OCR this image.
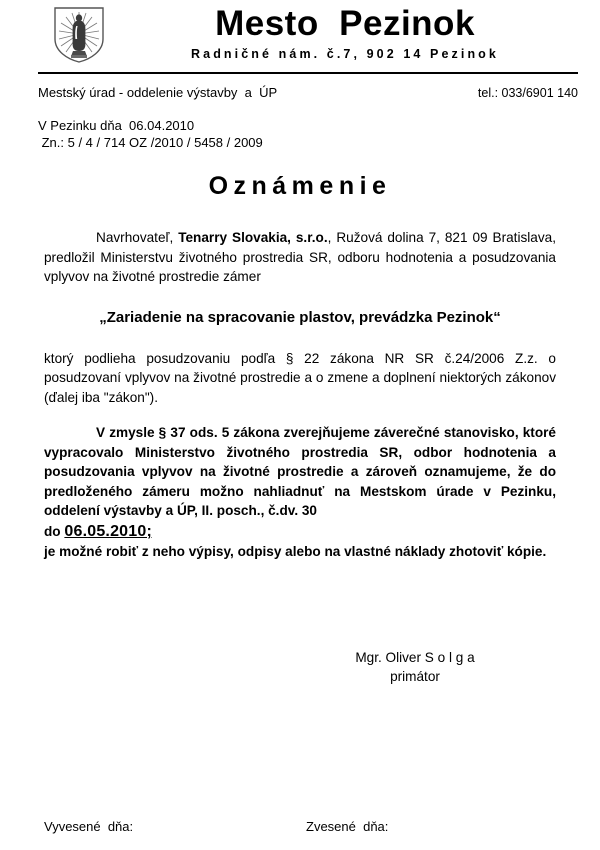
Mesto  Pezinok
Radničné nám. č.7, 902 14 Pezinok
Mestský úrad - oddelenie výstavby  a  ÚP	tel.: 033/6901 140
V Pezinku dňa  06.04.2010
Zn.: 5 / 4 / 714 OZ /2010 / 5458 / 2009
Oznámenie

Navrhovateľ, Tenarry Slovakia, s.r.o., Ružová dolina 7, 821 09 Bratislava, predložil Ministerstvu životného prostredia SR, odboru hodnotenia a posudzovania vplyvov na životné prostredie zámer

„Zariadenie na spracovanie plastov, prevádzka Pezinok“

ktorý podlieha posudzovaniu podľa § 22 zákona NR SR č.24/2006 Z.z. o posudzovaní vplyvov na životné prostredie a o zmene a doplnení niektorých zákonov (ďalej iba "zákon").

V zmysle § 37 ods. 5 zákona zverejňujeme záverečné stanovisko, ktoré vypracovalo Ministerstvo životného prostredia SR, odbor hodnotenia a posudzovania vplyvov na životné prostredie a zároveň oznamujeme, že do predloženého zámeru možno nahliadnuť na Mestskom úrade v Pezinku, oddelení výstavby a ÚP, II. posch., č.dv. 30

do 06.05.2010;

je možné robiť z neho výpisy, odpisy alebo na vlastné náklady zhotoviť kópie.

Mgr. Oliver S o l g a
primátor
Vyvesené  dňa:	Zvesené  dňa:
